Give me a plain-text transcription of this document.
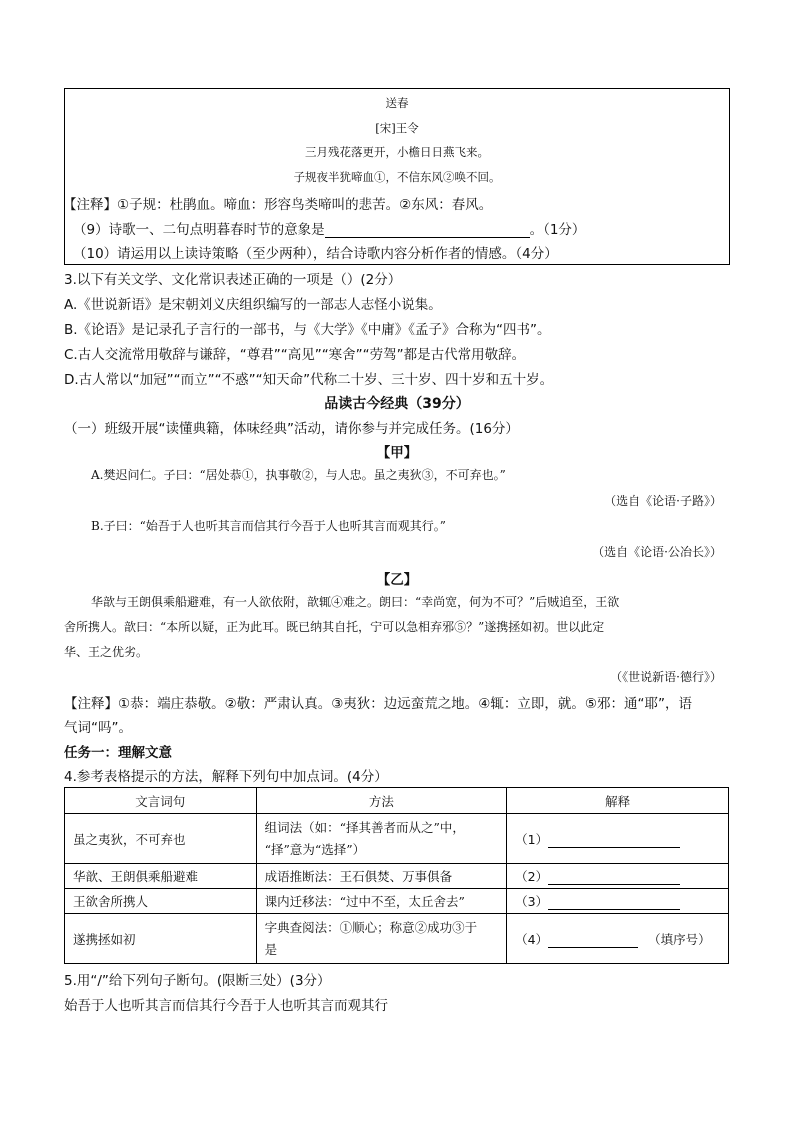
送春
[宋]王令
三月残花落更开，小檐日日燕飞来。
子规夜半犹啼血①，不信东风②唤不回。
【注释】①子规：杜鹃血。啼血：形容鸟类啼叫的悲苦。②东风：春风。
（9）诗歌一、二句点明暮春时节的意象是	。（1分）
（10）请运用以上读诗策略（至少两种），结合诗歌内容分析作者的情感。（4分）
3.以下有关文学、文化常识表述正确的一项是（）(2分）
A.《世说新语》是宋朝刘义庆组织编写的一部志人志怪小说集。
B.《论语》是记录孔子言行的一部书，与《大学》《中庸》《孟子》合称为“四书”。
C.古人交流常用敬辞与谦辞，“尊君”“高见”“寒舍”“劳驾”都是古代常用敬辞。
D.古人常以“加冠”“而立”“不惑”“知天命”代称二十岁、三十岁、四十岁和五十岁。
品读古今经典（39分）
（一）班级开展“读懂典籍，体味经典”活动，请你参与并完成任务。(16分）
【甲】
A.樊迟问仁。子曰：“居处恭①，执事敬②，与人忠。虽之夷狄③，不可弃也。”
（选自《论语·子路》）
B.子曰：“始吾于人也听其言而信其行今吾于人也听其言而观其行。”
（选自《论语·公冶长》）
【乙】
华歆与王朗俱乘船避难，有一人欲依附，歆辄④难之。朗曰：“幸尚宽，何为不可？”后贼追至，王欲
舍所携人。歆曰：“本所以疑，正为此耳。既已纳其自托，宁可以急相弃邪⑤？”遂携拯如初。世以此定
华、王之优劣。
（《世说新语·德行》）
【注释】①恭：端庄恭敬。②敬：严肃认真。③夷狄：边远蛮荒之地。④辄：立即，就。⑤邪：通“耶”，语
气词“吗”。
任务一：理解文意
4.参考表格提示的方法，解释下列句中加点词。(4分）
文言词句	方法	解释
虽之夷狄，不可弃也	组词法（如：“择其善者而从之”中，
“择”意为“选择”）	（1）
华歆、王朗俱乘船避难	成语推断法：王石俱焚、万事俱备	（2）
王欲舍所携人	课内迁移法：“过中不至，太丘舍去”	（3）
遂携拯如初	字典查阅法：①顺心；称意②成功③于
是	（4） （填序号）
5.用“/”给下列句子断句。(限断三处）(3分）
始吾于人也听其言而信其行今吾于人也听其言而观其行
